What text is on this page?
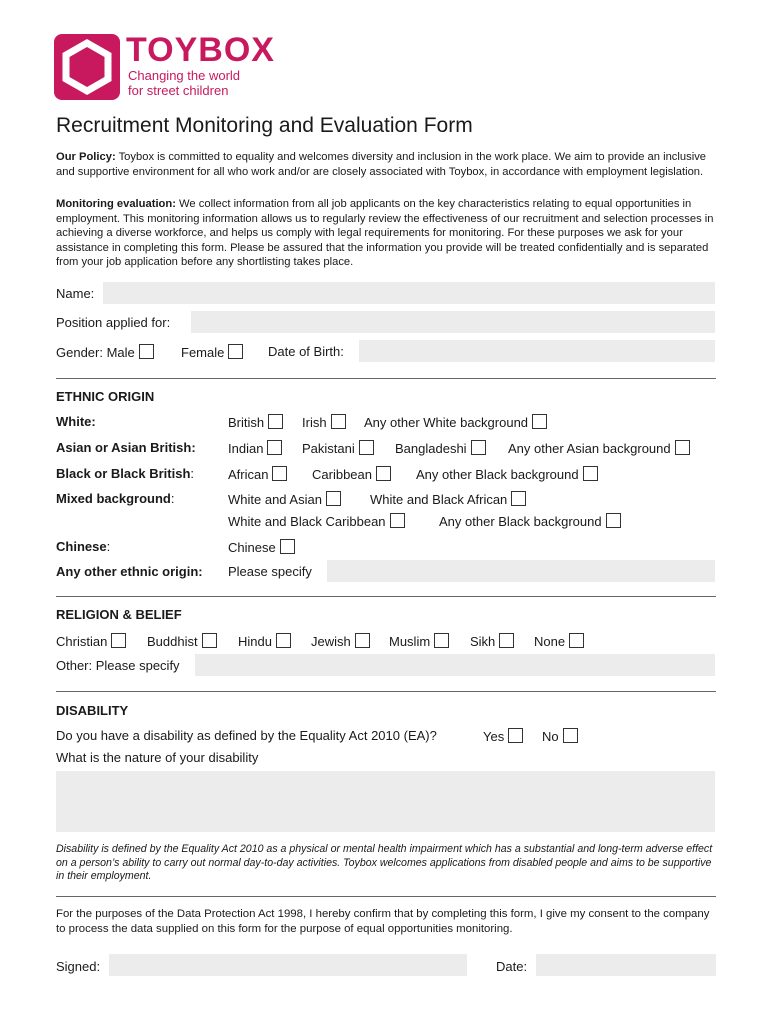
TOYBOX
Changing the world
for street children
Recruitment Monitoring and Evaluation Form
Our Policy: Toybox is committed to equality and welcomes diversity and inclusion in the work place. We aim to provide an inclusive and supportive environment for all who work and/or are closely associated with Toybox, in accordance with employment legislation.
Monitoring evaluation: We collect information from all job applicants on the key characteristics relating to equal opportunities in employment. This monitoring information allows us to regularly review the effectiveness of our recruitment and selection processes in achieving a diverse workforce, and helps us comply with legal requirements for monitoring. For these purposes we ask for your assistance in completing this form. Please be assured that the information you provide will be treated confidentially and is separated from your job application before any shortlisting takes place.
Name:
Position applied for:
Gender: Male	Female	Date of Birth:
ETHNIC ORIGIN
White:	British	Irish	Any other White background
Asian or Asian British: Indian	Pakistani	Bangladeshi	Any other Asian background
Black or Black British:	African	Caribbean	Any other Black background
Mixed background:	White and Asian	White and Black African
White and Black Caribbean	Any other Black background
Chinese:	Chinese
Any other ethnic origin: Please specify
RELIGION & BELIEF
Christian	Buddhist	Hindu	Jewish	Muslim	Sikh	None
Other: Please specify
DISABILITY
Do you have a disability as defined by the Equality Act 2010 (EA)?	Yes	No
What is the nature of your disability
Disability is defined by the Equality Act 2010 as a physical or mental health impairment which has a substantial and long-term adverse effect on a person’s ability to carry out normal day-to-day activities. Toybox welcomes applications from disabled people and aims to be supportive in their employment.
For the purposes of the Data Protection Act 1998, I hereby confirm that by completing this form, I give my consent to the company to process the data supplied on this form for the purpose of equal opportunities monitoring.
Signed:	Date:
